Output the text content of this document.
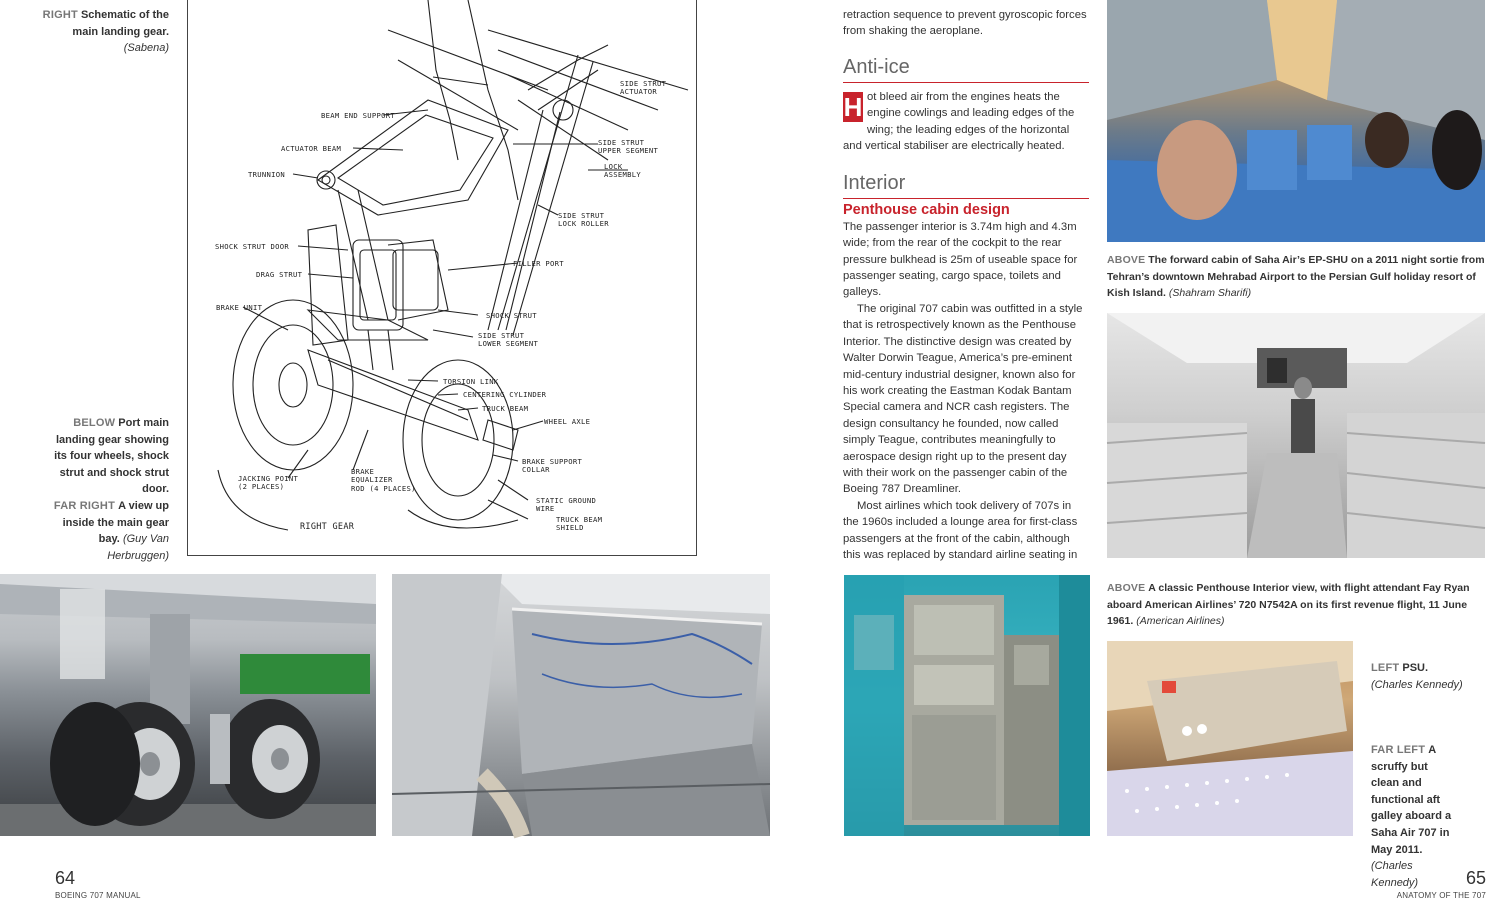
RIGHT Schematic of the main landing gear. (Sabena)
SIDE STRUT
ACTUATOR
BEAM END SUPPORT
ACTUATOR BEAM
SIDE STRUT
UPPER SEGMENT
LOCK
ASSEMBLY
TRUNNION
SIDE STRUT
LOCK ROLLER
SHOCK STRUT DOOR
FILLER PORT
DRAG STRUT
BRAKE UNIT
SHOCK STRUT
SIDE STRUT
LOWER SEGMENT
TORSION LINK
CENTERING CYLINDER
TRUCK BEAM
WHEEL AXLE
BRAKE SUPPORT
COLLAR
JACKING POINT
(2 PLACES)
BRAKE
EQUALIZER
ROD (4 PLACES)
STATIC GROUND
WIRE
TRUCK BEAM
SHIELD
RIGHT GEAR
BELOW Port main landing gear showing its four wheels, shock strut and shock strut door.
FAR RIGHT A view up inside the main gear bay. (Guy Van Herbruggen)
64
BOEING 707 MANUAL

retraction sequence to prevent gyroscopic forces from shaking the aeroplane.

Anti-ice

H ot bleed air from the engines heats the engine cowlings and leading edges of the wing; the leading edges of the horizontal and vertical stabiliser are electrically heated.

Interior
Penthouse cabin design

The passenger interior is 3.74m high and 4.3m wide; from the rear of the cockpit to the rear pressure bulkhead is 25m of useable space for passenger seating, cargo space, toilets and galleys.

The original 707 cabin was outfitted in a style that is retrospectively known as the Penthouse Interior. The distinctive design was created by Walter Dorwin Teague, America’s pre-eminent mid-century industrial designer, known also for his work creating the Eastman Kodak Bantam Special camera and NCR cash registers. The design consultancy he founded, now called simply Teague, contributes meaningfully to aerospace design right up to the present day with their work on the passenger cabin of the Boeing 787 Dreamliner.

Most airlines which took delivery of 707s in the 1960s included a lounge area for first-class passengers at the front of the cabin, although this was replaced by standard airline seating in

ABOVE The forward cabin of Saha Air’s EP-SHU on a 2011 night sortie from Tehran’s downtown Mehrabad Airport to the Persian Gulf holiday resort of Kish Island. (Shahram Sharifi)
ABOVE A classic Penthouse Interior view, with flight attendant Fay Ryan aboard American Airlines’ 720 N7542A on its first revenue flight, 11 June 1961. (American Airlines)
LEFT PSU.
(Charles Kennedy)
FAR LEFT A scruffy but clean and functional aft galley aboard a Saha Air 707 in May 2011. (Charles Kennedy)	65
ANATOMY OF THE 707
